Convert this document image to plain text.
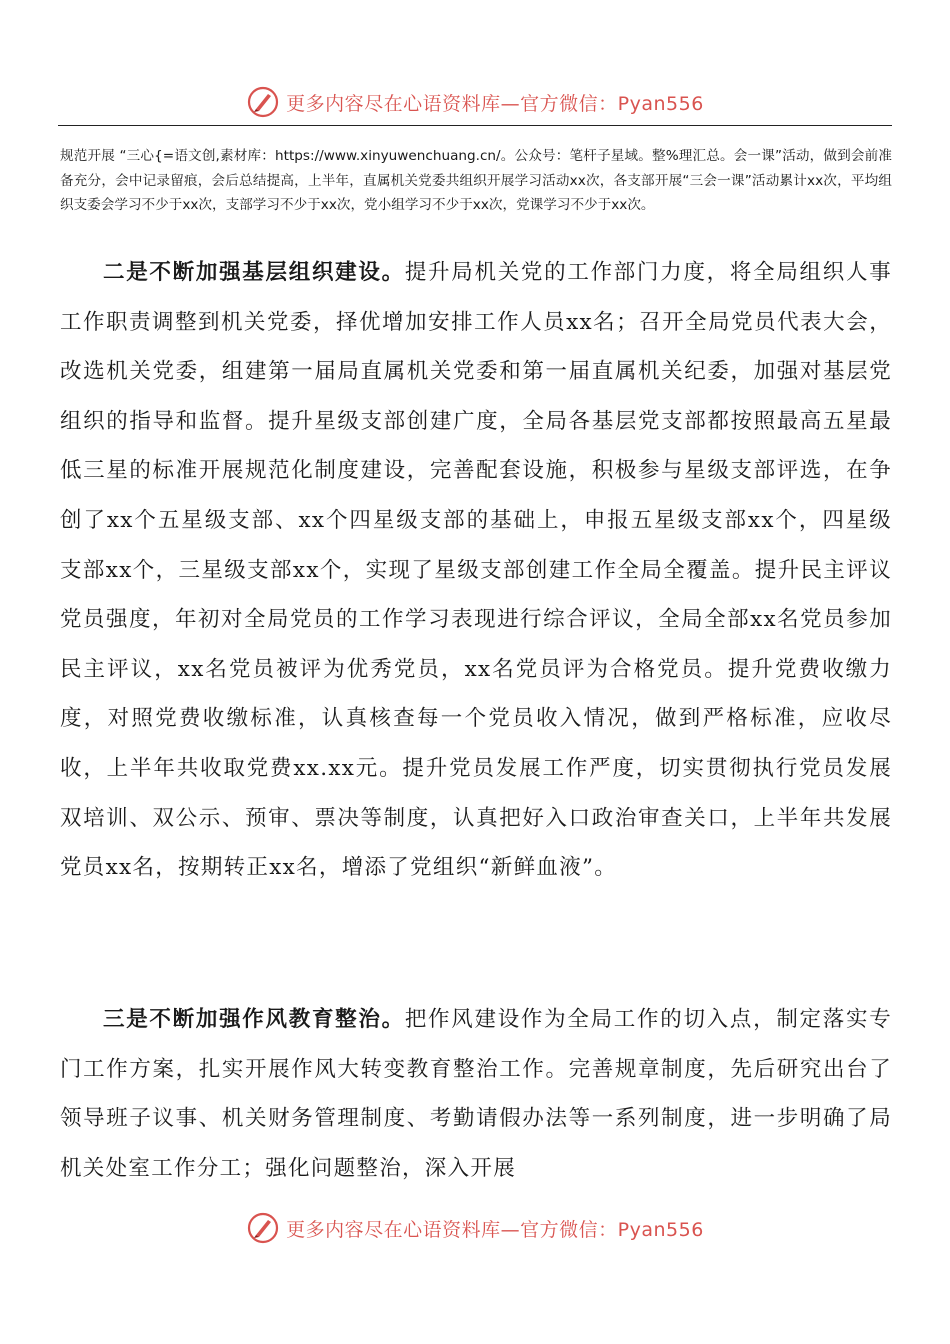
更多内容尽在心语资料库—官方微信：Pyan556

规范开展 “三心{=语文创,素材库：https://www.xinyuwenchuang.cn/。公众号：笔杆子星域。整%理汇总。会一课”活动，做到会前准备充分，会中记录留痕，会后总结提高，上半年，直属机关党委共组织开展学习活动xx次，各支部开展“三会一课”活动累计xx次，平均组织支委会学习不少于xx次，支部学习不少于xx次，党小组学习不少于xx次，党课学习不少于xx次。

二是不断加强基层组织建设。提升局机关党的工作部门力度，将全局组织人事工作职责调整到机关党委，择优增加安排工作人员xx名；召开全局党员代表大会，改选机关党委，组建第一届局直属机关党委和第一届直属机关纪委，加强对基层党组织的指导和监督。提升星级支部创建广度，全局各基层党支部都按照最高五星最低三星的标准开展规范化制度建设，完善配套设施，积极参与星级支部评选，在争创了xx个五星级支部、xx个四星级支部的基础上，申报五星级支部xx个，四星级支部xx个，三星级支部xx个，实现了星级支部创建工作全局全覆盖。提升民主评议党员强度，年初对全局党员的工作学习表现进行综合评议，全局全部xx名党员参加民主评议，xx名党员被评为优秀党员，xx名党员评为合格党员。提升党费收缴力度，对照党费收缴标准，认真核查每一个党员收入情况，做到严格标准，应收尽收，上半年共收取党费xx.xx元。提升党员发展工作严度，切实贯彻执行党员发展双培训、双公示、预审、票决等制度，认真把好入口政治审查关口，上半年共发展党员xx名，按期转正xx名，增添了党组织“新鲜血液”。

三是不断加强作风教育整治。把作风建设作为全局工作的切入点，制定落实专门工作方案，扎实开展作风大转变教育整治工作。完善规章制度，先后研究出台了领导班子议事、机关财务管理制度、考勤请假办法等一系列制度，进一步明确了局机关处室工作分工；强化问题整治，深入开展

更多内容尽在心语资料库—官方微信：Pyan556
